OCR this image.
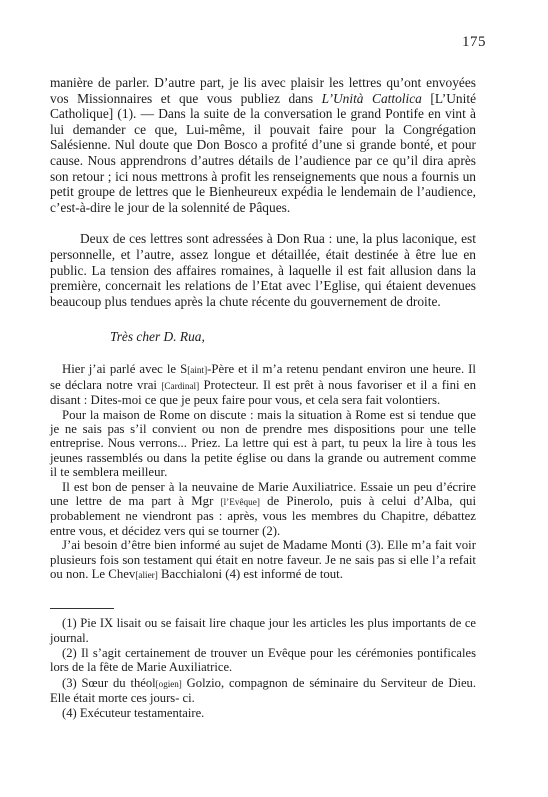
175

manière de parler. D’autre part, je lis avec plaisir les lettres qu’ont envoyées vos Missionnaires et que vous publiez dans L’Unità Cattolica [L’Unité Catholique] (1). — Dans la suite de la conversation le grand Pontife en vint à lui demander ce que, Lui-même, il pouvait faire pour la Congrégation Salésienne. Nul doute que Don Bosco a profité d’une si grande bonté, et pour cause. Nous apprendrons d’autres détails de l’audience par ce qu’il dira après son retour ; ici nous mettrons à profit les renseignements que nous a fournis un petit groupe de lettres que le Bienheureux expédia le lendemain de l’audience, c’est-à-dire le jour de la solennité de Pâques.

Deux de ces lettres sont adressées à Don Rua : une, la plus laconique, est personnelle, et l’autre, assez longue et détaillée, était destinée à être lue en public. La tension des affaires romaines, à laquelle il est fait allusion dans la première, concernait les relations de l’Etat avec l’Eglise, qui étaient devenues beaucoup plus tendues après la chute récente du gouvernement de droite.

Très cher D. Rua,

Hier j’ai parlé avec le S[aint]-Père et il m’a retenu pendant environ une heure. Il se déclara notre vrai [Cardinal] Protecteur. Il est prêt à nous favoriser et il a fini en disant : Dites-moi ce que je peux faire pour vous, et cela sera fait volontiers.

Pour la maison de Rome on discute : mais la situation à Rome est si tendue que je ne sais pas s’il convient ou non de prendre mes dispositions pour une telle entreprise. Nous verrons... Priez. La lettre qui est à part, tu peux la lire à tous les jeunes rassemblés ou dans la petite église ou dans la grande ou autrement comme il te semblera meilleur.

Il est bon de penser à la neuvaine de Marie Auxiliatrice. Essaie un peu d’écrire une lettre de ma part à Mgr [l’Evêque] de Pinerolo, puis à celui d’Alba, qui probablement ne viendront pas : après, vous les membres du Chapitre, débattez entre vous, et décidez vers qui se tourner (2).

J’ai besoin d’être bien informé au sujet de Madame Monti (3). Elle m’a fait voir plusieurs fois son testament qui était en notre faveur. Je ne sais pas si elle l’a refait ou non. Le Chev[alier] Bacchialoni (4) est informé de tout.

(1) Pie IX lisait ou se faisait lire chaque jour les articles les plus importants de ce journal.

(2) Il s’agit certainement de trouver un Evêque pour les cérémonies pontificales lors de la fête de Marie Auxiliatrice.

(3) Sœur du théol[ogien] Golzio, compagnon de séminaire du Serviteur de Dieu. Elle était morte ces jours- ci.

(4) Exécuteur testamentaire.
